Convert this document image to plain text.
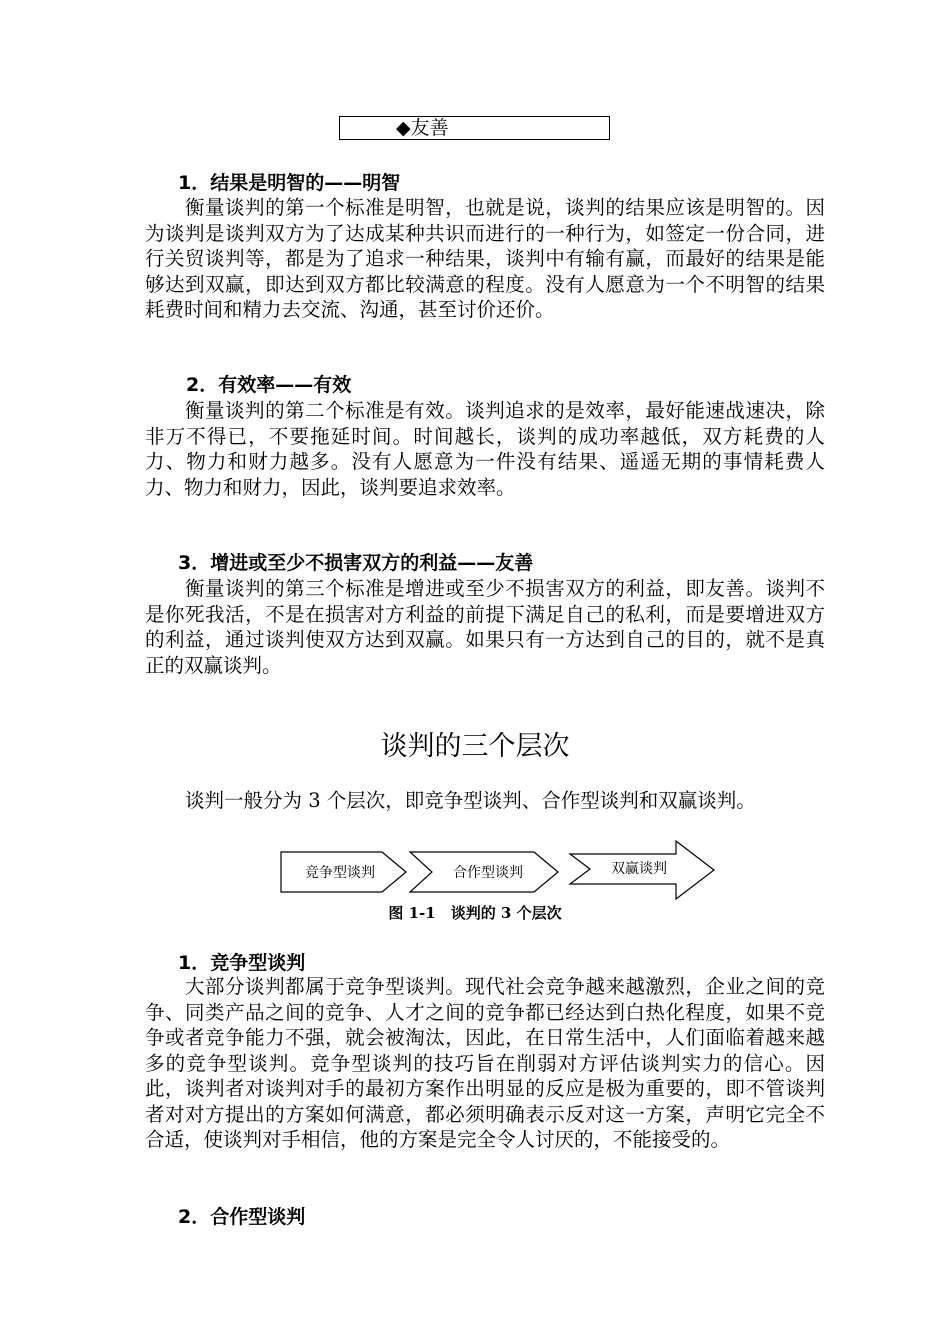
◆友善
1．结果是明智的——明智

衡量谈判的第一个标准是明智，也就是说，谈判的结果应该是明智的。因为谈判是谈判双方为了达成某种共识而进行的一种行为，如签定一份合同，进行关贸谈判等，都是为了追求一种结果，谈判中有输有赢，而最好的结果是能够达到双赢，即达到双方都比较满意的程度。没有人愿意为一个不明智的结果耗费时间和精力去交流、沟通，甚至讨价还价。

2．有效率——有效

衡量谈判的第二个标准是有效。谈判追求的是效率，最好能速战速决，除非万不得已，不要拖延时间。时间越长，谈判的成功率越低，双方耗费的人力、物力和财力越多。没有人愿意为一件没有结果、遥遥无期的事情耗费人力、物力和财力，因此，谈判要追求效率。

3．增进或至少不损害双方的利益——友善

衡量谈判的第三个标准是增进或至少不损害双方的利益，即友善。谈判不是你死我活，不是在损害对方利益的前提下满足自己的私利，而是要增进双方的利益，通过谈判使双方达到双赢。如果只有一方达到自己的目的，就不是真正的双赢谈判。

谈判的三个层次

谈判一般分为 3 个层次，即竞争型谈判、合作型谈判和双赢谈判。

竞争型谈判	合作型谈判	双赢谈判
图 1-1　谈判的 3 个层次
1．竞争型谈判

大部分谈判都属于竞争型谈判。现代社会竞争越来越激烈，企业之间的竞争、同类产品之间的竞争、人才之间的竞争都已经达到白热化程度，如果不竞争或者竞争能力不强，就会被淘汰，因此，在日常生活中，人们面临着越来越多的竞争型谈判。竞争型谈判的技巧旨在削弱对方评估谈判实力的信心。因此，谈判者对谈判对手的最初方案作出明显的反应是极为重要的，即不管谈判者对对方提出的方案如何满意，都必须明确表示反对这一方案，声明它完全不合适，使谈判对手相信，他的方案是完全令人讨厌的，不能接受的。

2．合作型谈判
